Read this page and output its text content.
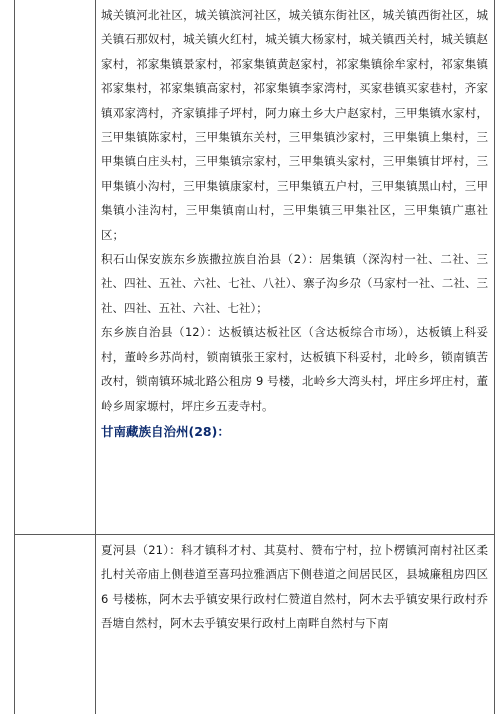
城关镇河北社区，城关镇滨河社区，城关镇东街社区，城关镇西街社区，城关镇石那奴村，城关镇火红村，城关镇大杨家村，城关镇西关村，城关镇赵家村，祁家集镇景家村，祁家集镇黄赵家村，祁家集镇徐牟家村，祁家集镇祁家集村，祁家集镇高家村，祁家集镇李家湾村，买家巷镇买家巷村，齐家镇邓家湾村，齐家镇排子坪村，阿力麻土乡大户赵家村，三甲集镇水家村，三甲集镇陈家村，三甲集镇东关村，三甲集镇沙家村，三甲集镇上集村，三甲集镇白庄头村，三甲集镇宗家村，三甲集镇头家村，三甲集镇甘坪村，三甲集镇小沟村，三甲集镇康家村，三甲集镇五户村，三甲集镇黑山村，三甲集镇小洼沟村，三甲集镇南山村，三甲集镇三甲集社区，三甲集镇广惠社区；

积石山保安族东乡族撒拉族自治县（2）：居集镇（深沟村一社、二社、三社、四社、五社、六社、七社、八社）、寨子沟乡尕（马家村一社、二社、三社、四社、五社、六社、七社）；

东乡族自治县（12）：达板镇达板社区（含达板综合市场），达板镇上科妥村，董岭乡苏尚村，锁南镇张王家村，达板镇下科妥村，北岭乡，锁南镇苦改村，锁南镇环城北路公租房 9 号楼，北岭乡大湾头村，坪庄乡坪庄村，董岭乡周家塬村，坪庄乡五麦寺村。

甘南藏族自治州(28)：

夏河县（21）：科才镇科才村、其莫村、赞布宁村，拉卜楞镇河南村社区柔扎村关帝庙上侧巷道至喜玛拉雅酒店下侧巷道之间居民区，县城廉租房四区 6 号楼栋，阿木去乎镇安果行政村仁赞道自然村，阿木去乎镇安果行政村乔吾塘自然村，阿木去乎镇安果行政村上南畔自然村与下南
